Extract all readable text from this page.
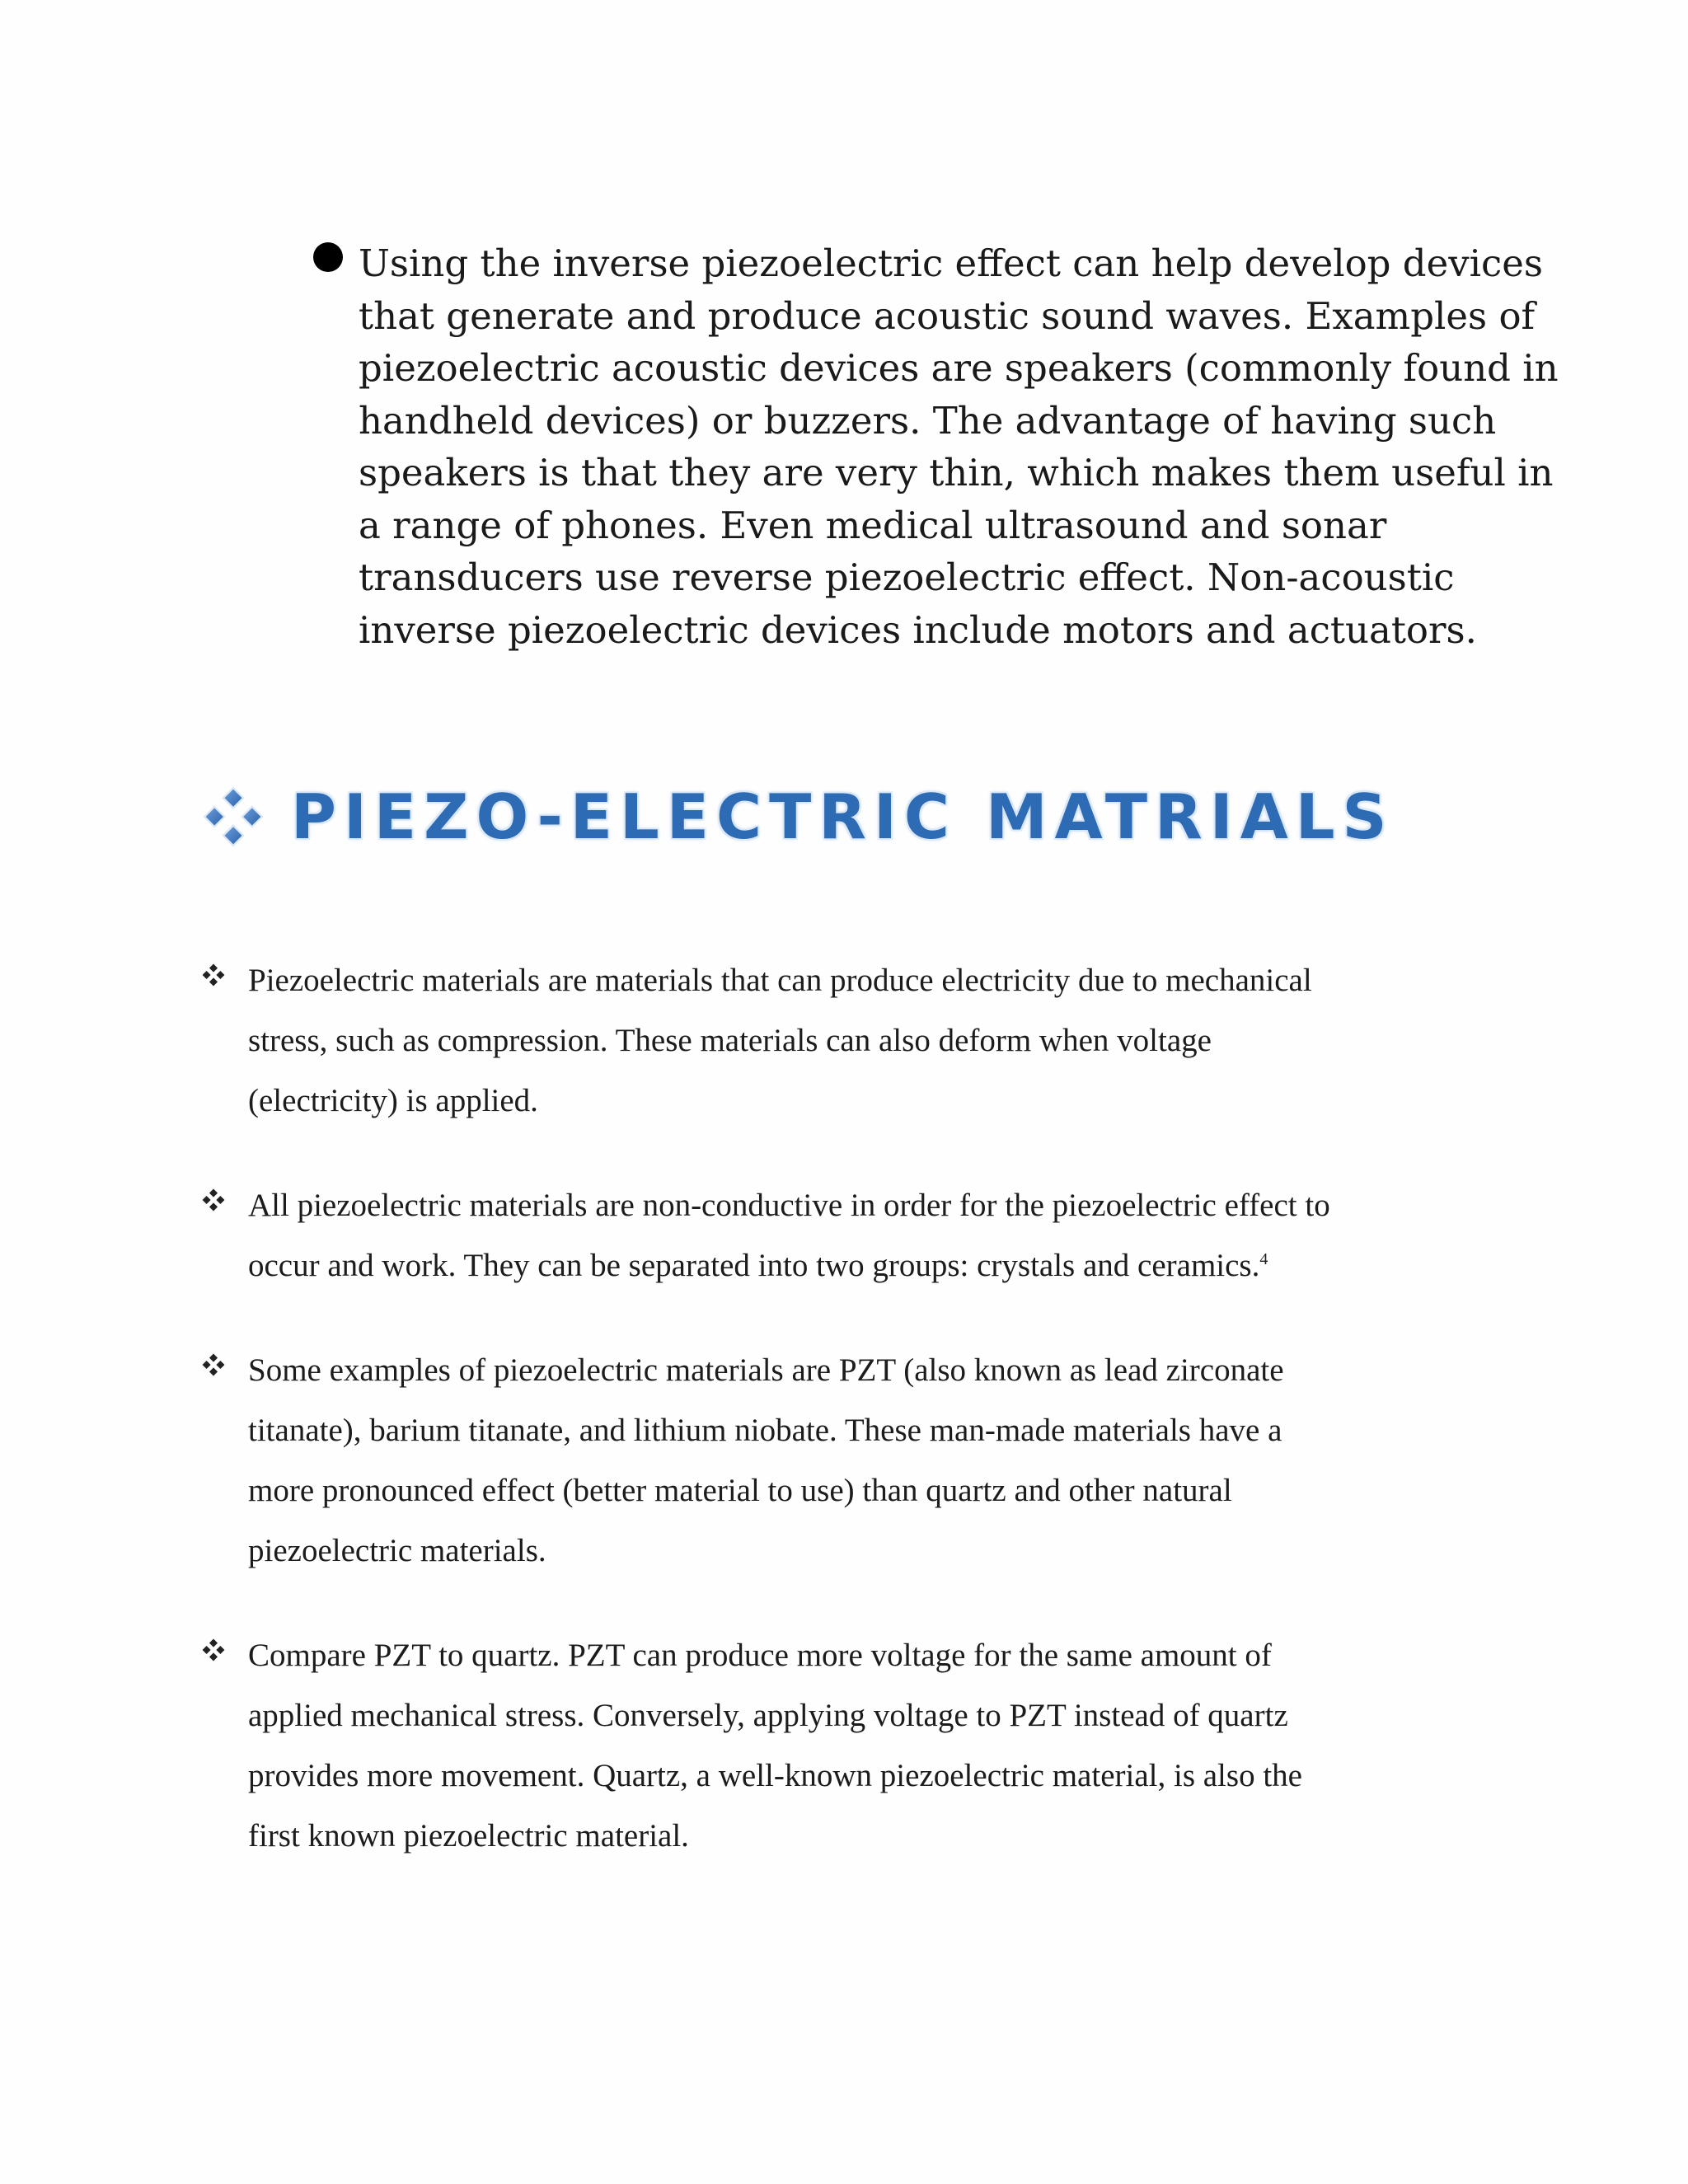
Using the inverse piezoelectric effect can help develop devices
that generate and produce acoustic sound waves. Examples of
piezoelectric acoustic devices are speakers (commonly found in
handheld devices) or buzzers. The advantage of having such
speakers is that they are very thin, which makes them useful in
a range of phones. Even medical ultrasound and sonar
transducers use reverse piezoelectric effect. Non-acoustic
inverse piezoelectric devices include motors and actuators.
PIEZO-ELECTRIC MATRIALS
Piezoelectric materials are materials that can produce electricity due to mechanical
stress, such as compression. These materials can also deform when voltage
(electricity) is applied.
All piezoelectric materials are non-conductive in order for the piezoelectric effect to
occur and work. They can be separated into two groups: crystals and ceramics.$^4$
Some examples of piezoelectric materials are PZT (also known as lead zirconate
titanate), barium titanate, and lithium niobate. These man-made materials have a
more pronounced effect (better material to use) than quartz and other natural
piezoelectric materials.
Compare PZT to quartz. PZT can produce more voltage for the same amount of
applied mechanical stress. Conversely, applying voltage to PZT instead of quartz
provides more movement. Quartz, a well-known piezoelectric material, is also the
first known piezoelectric material.
